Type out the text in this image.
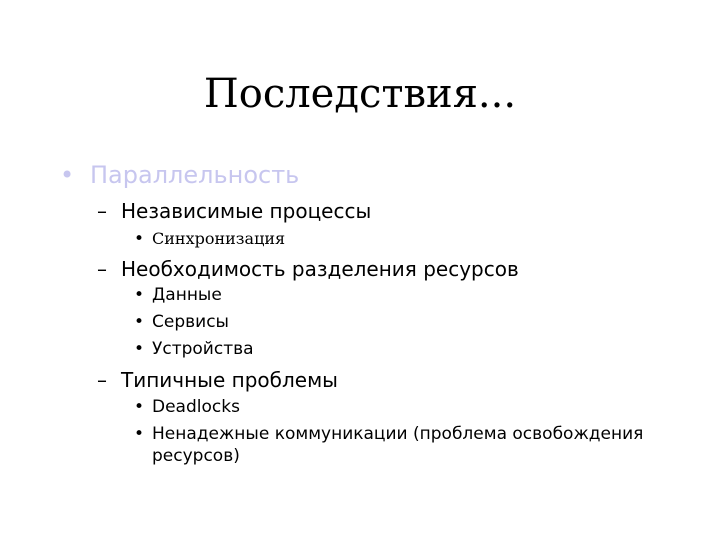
Последствия...
• Параллельность
– Независимые процессы
• Синхронизация
– Необходимость разделения ресурсов
• Данные
• Сервисы
• Устройства
– Типичные проблемы
• Deadlocks
• Ненадежные коммуникации (проблема освобождения
ресурсов)
